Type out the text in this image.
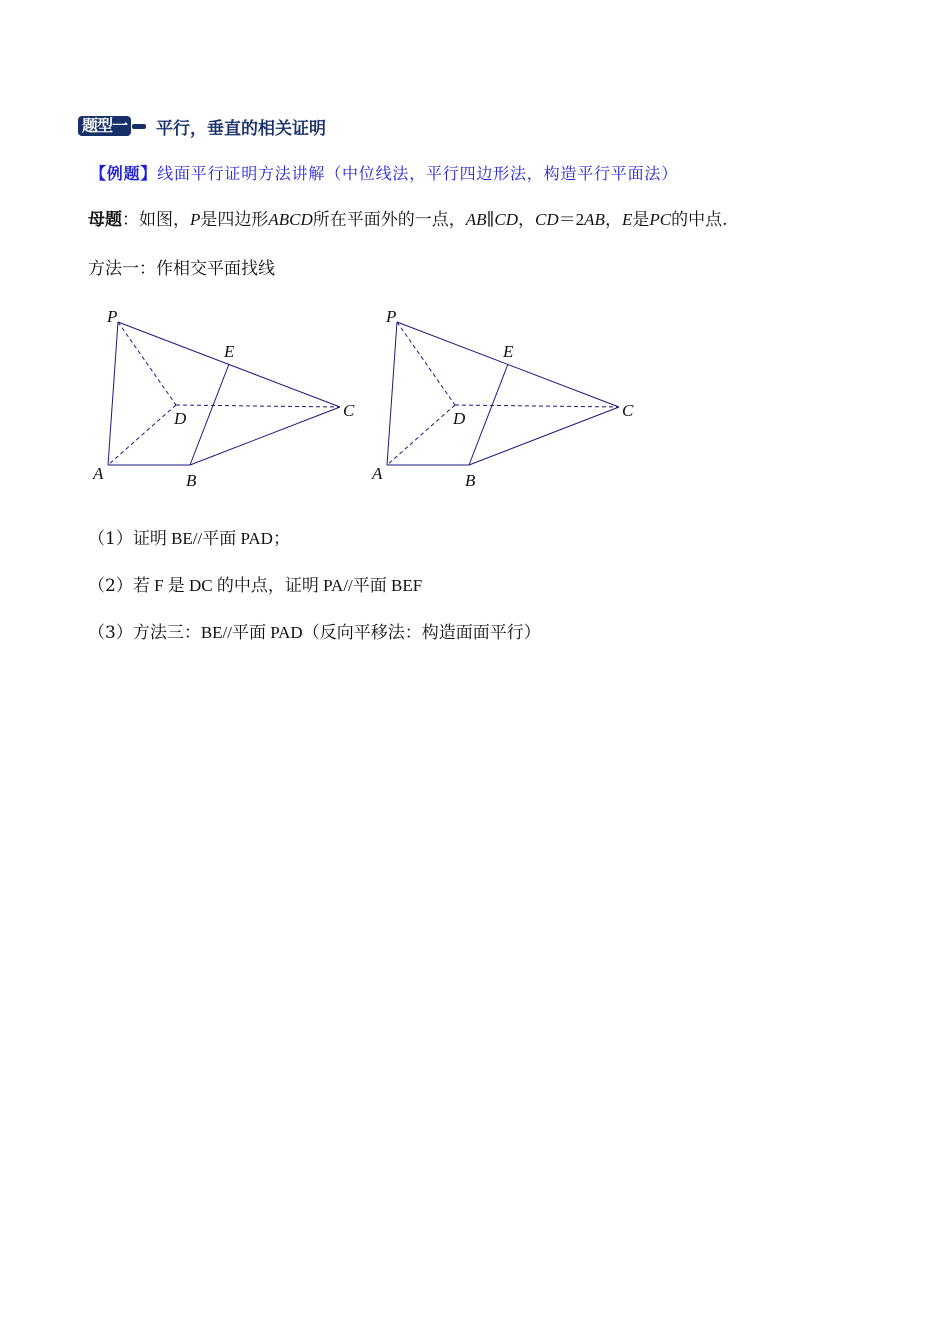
题型一 平行，垂直的相关证明
【例题】线面平行证明方法讲解（中位线法，平行四边形法，构造平行平面法）
母题：如图，P是四边形ABCD所在平面外的一点，AB∥CD，CD＝2AB，E是PC的中点.
方法一：作相交平面找线
P
E
D	C
A	B
P
E
D	C
A	B
（1）证明 BE//平面 PAD；
（2）若 F 是 DC 的中点，证明 PA//平面 BEF
（3）方法三：BE//平面 PAD（反向平移法：构造面面平行）
